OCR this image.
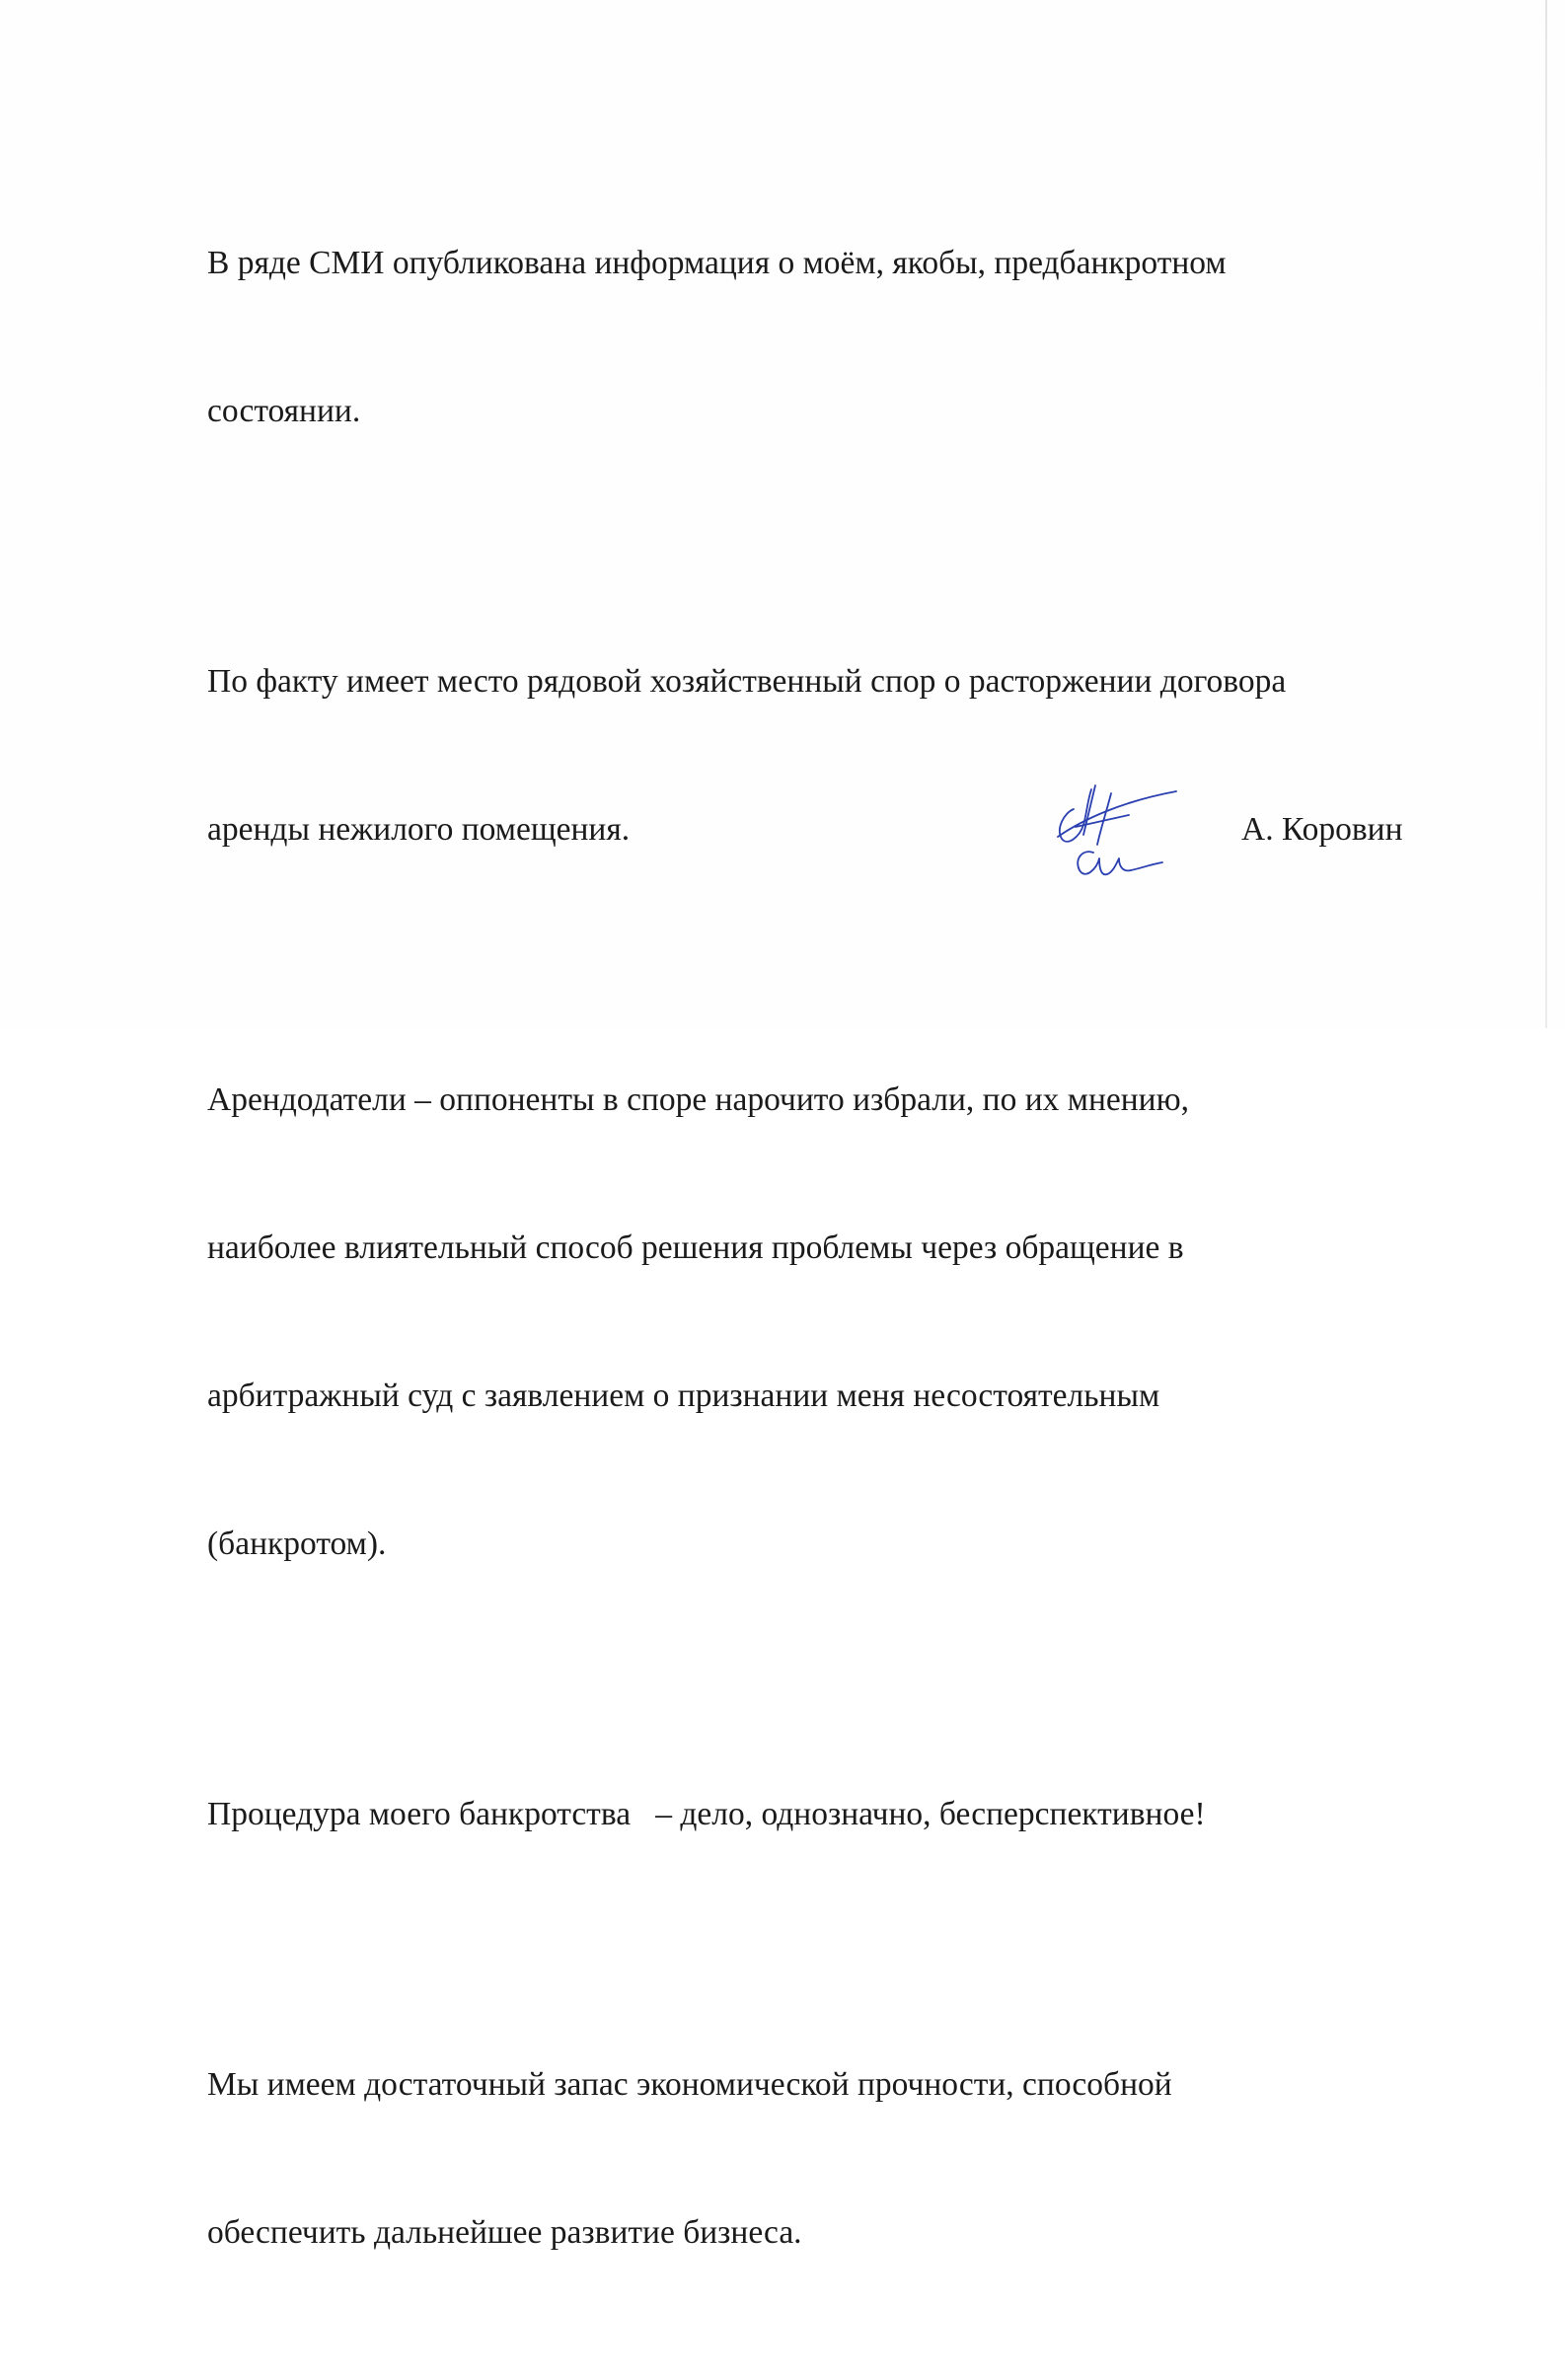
В ряде СМИ опубликована информация о моём, якобы, предбанкротном

состоянии.

По факту имеет место рядовой хозяйственный спор о расторжении договора

аренды нежилого помещения.

Арендодатели – оппоненты в споре нарочито избрали, по их мнению,

наиболее влиятельный способ решения проблемы через обращение в

арбитражный суд с заявлением о признании меня несостоятельным

(банкротом).

Процедура моего банкротства   – дело, однозначно, бесперспективное!

Мы имеем достаточный запас экономической прочности, способной

обеспечить дальнейшее развитие бизнеса.

А. Коровин
